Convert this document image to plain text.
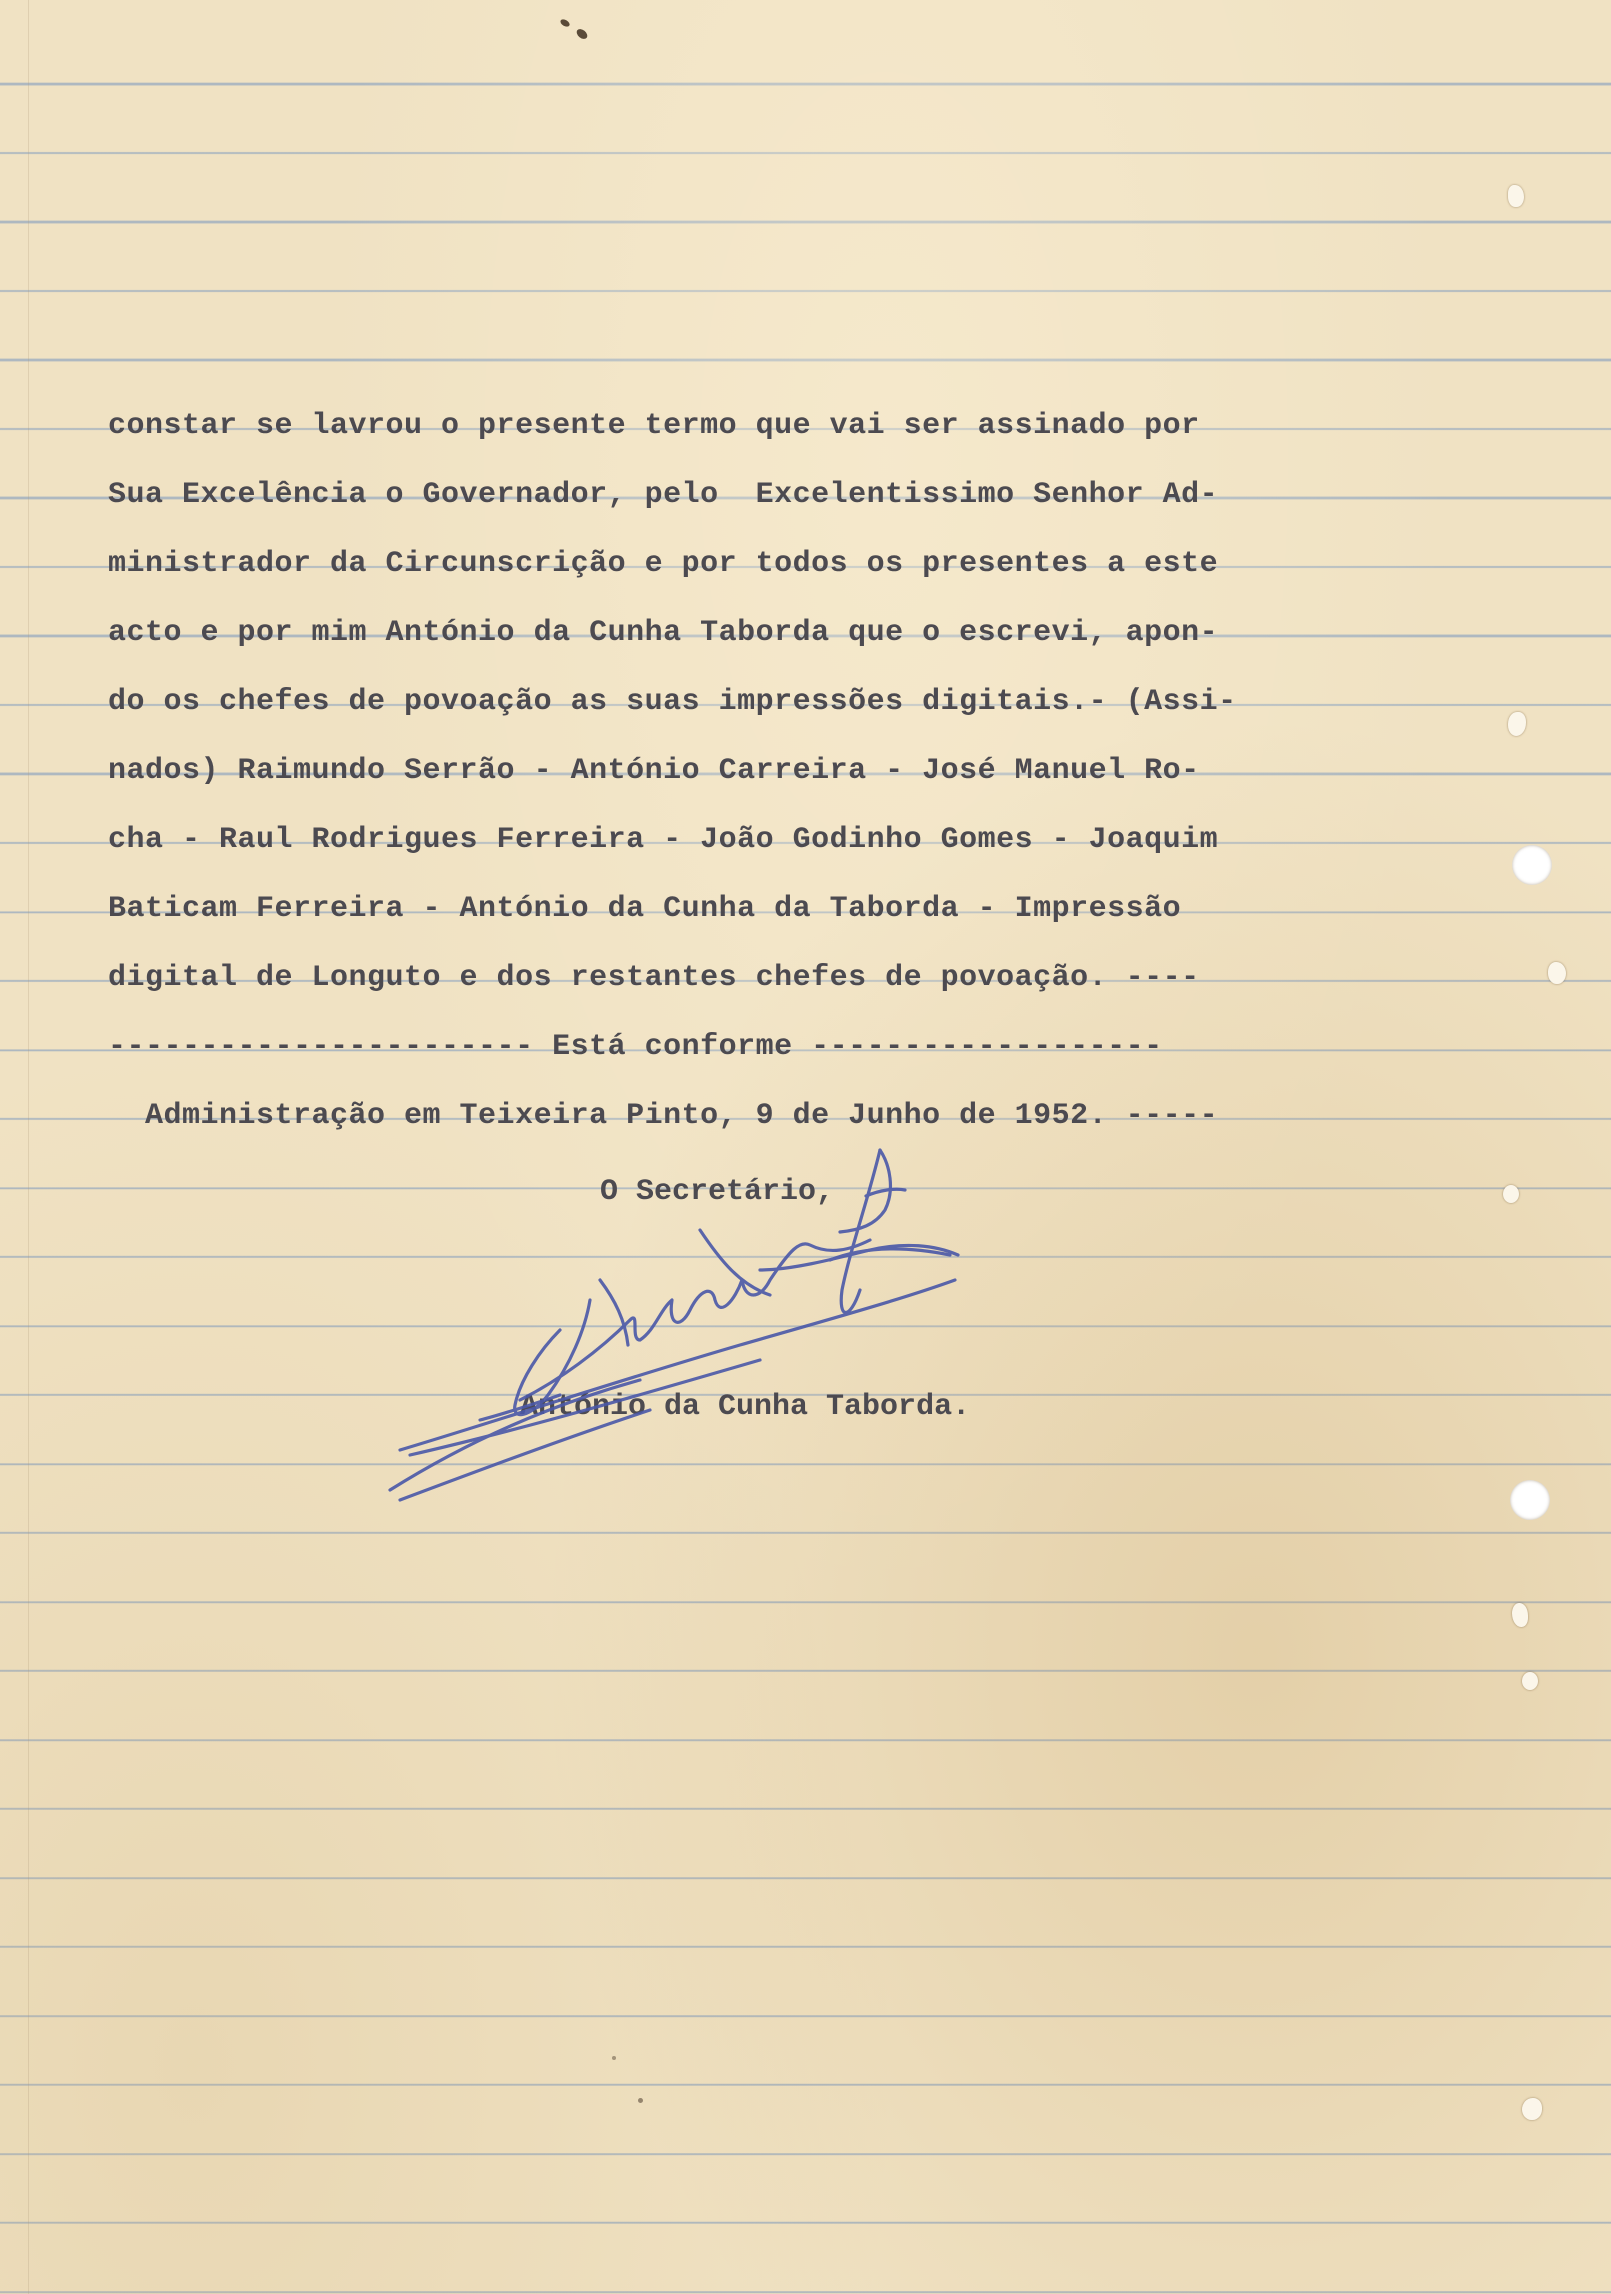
constar se lavrou o presente termo que vai ser assinado por
Sua Excelência o Governador, pelo  Excelentissimo Senhor Ad-
ministrador da Circunscrição e por todos os presentes a este
acto e por mim António da Cunha Taborda que o escrevi, apon-
do os chefes de povoação as suas impressões digitais.- (Assi-
nados) Raimundo Serrão - António Carreira - José Manuel Ro-
cha - Raul Rodrigues Ferreira - João Godinho Gomes - Joaquim
Baticam Ferreira - António da Cunha da Taborda - Impressão
digital de Longuto e dos restantes chefes de povoação. ----
----------------------- Está conforme -------------------
Administração em Teixeira Pinto, 9 de Junho de 1952. -----
O Secretário,
António da Cunha Taborda.
